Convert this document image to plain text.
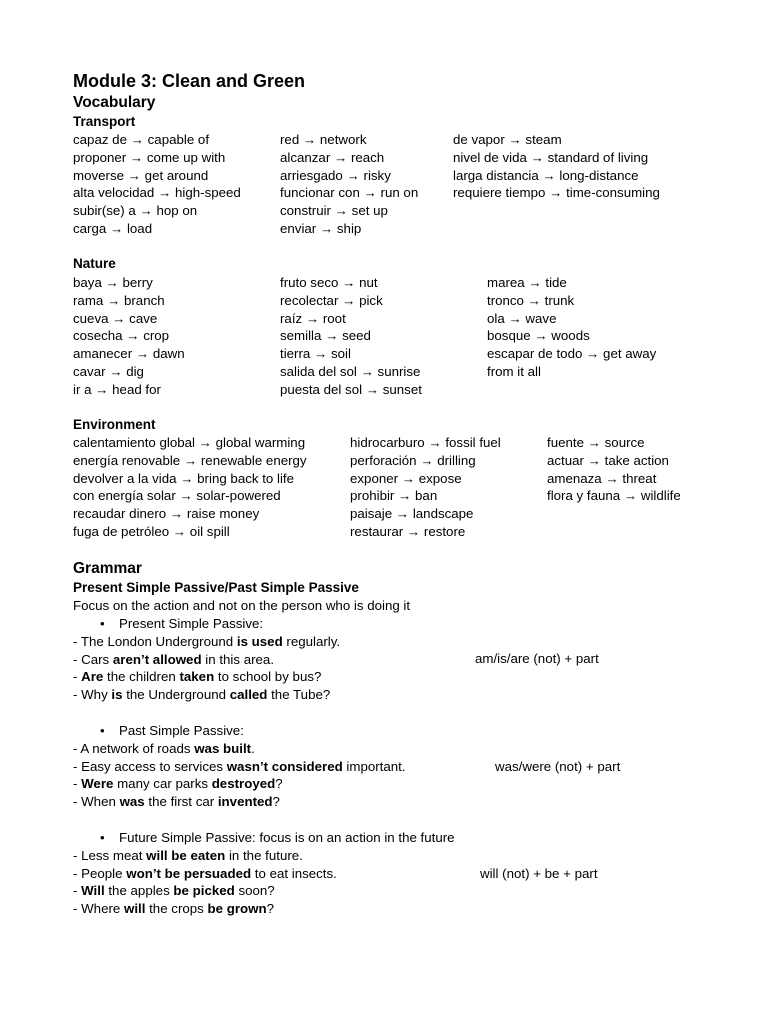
Module 3: Clean and Green
Vocabulary
Transport
capaz de → capable of
proponer → come up with
moverse → get around
alta velocidad → high-speed
subir(se) a → hop on
carga → load
red → network
alcanzar → reach
arriesgado → risky
funcionar con → run on
construir → set up
enviar → ship
de vapor → steam
nivel de vida → standard of living
larga distancia → long-distance
requiere tiempo → time-consuming
Nature
baya → berry
rama → branch
cueva → cave
cosecha → crop
amanecer → dawn
cavar → dig
ir a → head for
fruto seco → nut
recolectar → pick
raíz → root
semilla → seed
tierra → soil
salida del sol → sunrise
puesta del sol → sunset
marea → tide
tronco → trunk
ola → wave
bosque → woods
escapar de todo → get away
from it all
Environment
calentamiento global → global warming
energía renovable → renewable energy
devolver a la vida → bring back to life
con energía solar → solar-powered
recaudar dinero → raise money
fuga de petróleo → oil spill
hidrocarburo → fossil fuel
perforación → drilling
exponer → expose
prohibir → ban
paisaje → landscape
restaurar → restore
fuente → source
actuar → take action
amenaza → threat
flora y fauna → wildlife
Grammar
Present Simple Passive/Past Simple Passive
Focus on the action and not on the person who is doing it
• Present Simple Passive:
- The London Underground is used regularly.
- Cars aren’t allowed in this area.
- Are the children taken to school by bus?
- Why is the Underground called the Tube?
am/is/are (not) + part
• Past Simple Passive:
- A network of roads was built.
- Easy access to services wasn’t considered important.
- Were many car parks destroyed?
- When was the first car invented?
was/were (not) + part
• Future Simple Passive: focus is on an action in the future
- Less meat will be eaten in the future.
- People won’t be persuaded to eat insects.
- Will the apples be picked soon?
- Where will the crops be grown?
will (not) + be + part
